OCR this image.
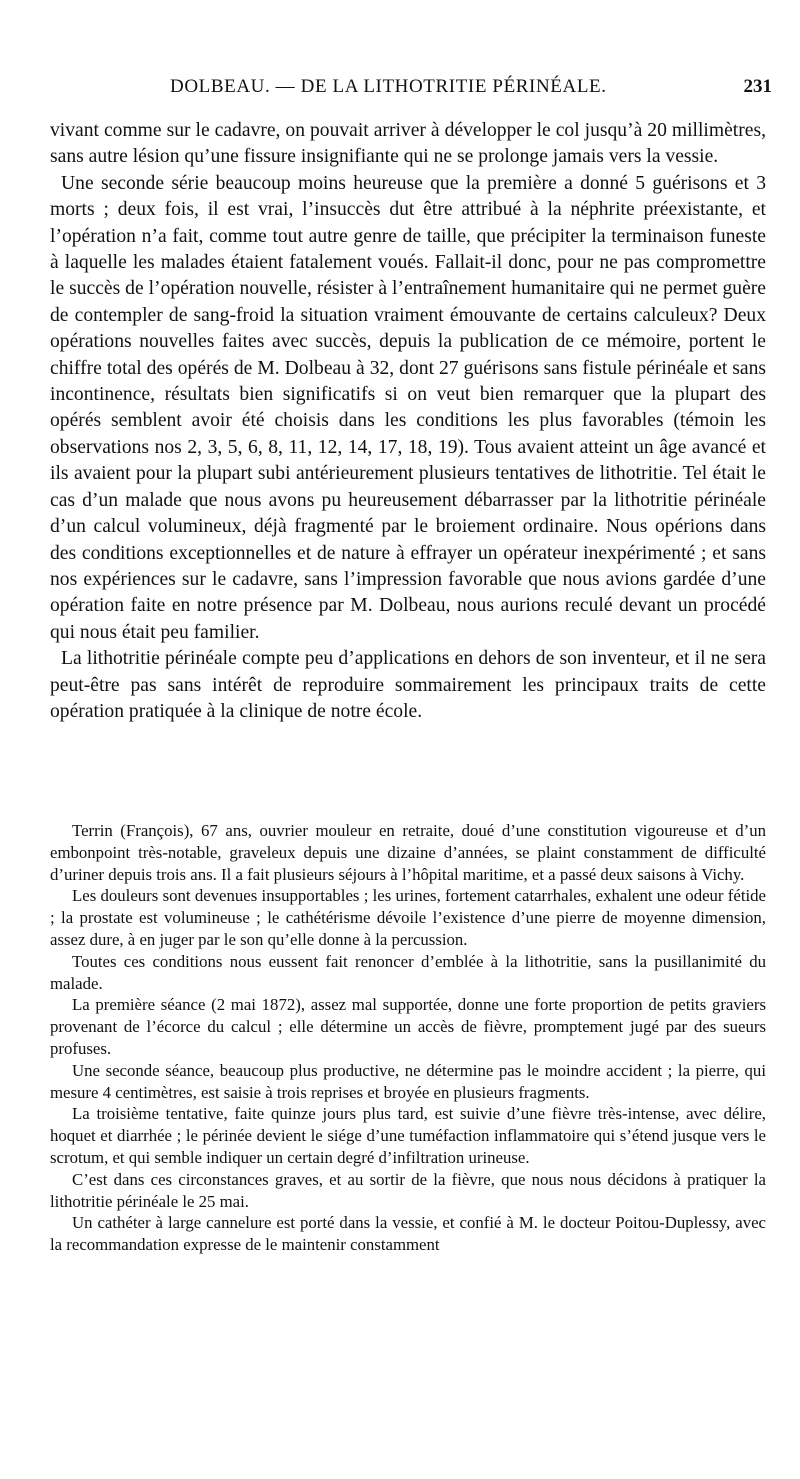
DOLBEAU. — DE LA LITHOTRITIE PÉRINÉALE.	231

vivant comme sur le cadavre, on pouvait arriver à développer le col jusqu’à 20 millimètres, sans autre lésion qu’une fissure insignifiante qui ne se prolonge jamais vers la vessie.

Une seconde série beaucoup moins heureuse que la première a donné 5 guérisons et 3 morts ; deux fois, il est vrai, l’insuccès dut être attribué à la néphrite préexistante, et l’opération n’a fait, comme tout autre genre de taille, que précipiter la terminaison funeste à laquelle les malades étaient fatalement voués. Fallait-il donc, pour ne pas compromettre le succès de l’opération nouvelle, résister à l’entraînement humanitaire qui ne permet guère de contempler de sang-froid la situation vraiment émouvante de certains calculeux? Deux opérations nouvelles faites avec succès, depuis la publication de ce mémoire, portent le chiffre total des opérés de M. Dolbeau à 32, dont 27 guérisons sans fistule périnéale et sans incontinence, résultats bien significatifs si on veut bien remarquer que la plupart des opérés semblent avoir été choisis dans les conditions les plus favorables (témoin les observations nos 2, 3, 5, 6, 8, 11, 12, 14, 17, 18, 19). Tous avaient atteint un âge avancé et ils avaient pour la plupart subi antérieurement plusieurs tentatives de lithotritie. Tel était le cas d’un malade que nous avons pu heureusement débarrasser par la lithotritie périnéale d’un calcul volumineux, déjà fragmenté par le broiement ordinaire. Nous opérions dans des conditions exceptionnelles et de nature à effrayer un opérateur inexpérimenté ; et sans nos expériences sur le cadavre, sans l’impression favorable que nous avions gardée d’une opération faite en notre présence par M. Dolbeau, nous aurions reculé devant un procédé qui nous était peu familier.

La lithotritie périnéale compte peu d’applications en dehors de son inventeur, et il ne sera peut-être pas sans intérêt de reproduire sommairement les principaux traits de cette opération pratiquée à la clinique de notre école.

Terrin (François), 67 ans, ouvrier mouleur en retraite, doué d’une constitution vigoureuse et d’un embonpoint très-notable, graveleux depuis une dizaine d’années, se plaint constamment de difficulté d’uriner depuis trois ans. Il a fait plusieurs séjours à l’hôpital maritime, et a passé deux saisons à Vichy.

Les douleurs sont devenues insupportables ; les urines, fortement catarrhales, exhalent une odeur fétide ; la prostate est volumineuse ; le cathétérisme dévoile l’existence d’une pierre de moyenne dimension, assez dure, à en juger par le son qu’elle donne à la percussion.

Toutes ces conditions nous eussent fait renoncer d’emblée à la lithotritie, sans la pusillanimité du malade.

La première séance (2 mai 1872), assez mal supportée, donne une forte proportion de petits graviers provenant de l’écorce du calcul ; elle détermine un accès de fièvre, promptement jugé par des sueurs profuses.

Une seconde séance, beaucoup plus productive, ne détermine pas le moindre accident ; la pierre, qui mesure 4 centimètres, est saisie à trois reprises et broyée en plusieurs fragments.

La troisième tentative, faite quinze jours plus tard, est suivie d’une fièvre très-intense, avec délire, hoquet et diarrhée ; le périnée devient le siége d’une tuméfaction inflammatoire qui s’étend jusque vers le scrotum, et qui semble indiquer un certain degré d’infiltration urineuse.

C’est dans ces circonstances graves, et au sortir de la fièvre, que nous nous décidons à pratiquer la lithotritie périnéale le 25 mai.

Un cathéter à large cannelure est porté dans la vessie, et confié à M. le docteur Poitou-Duplessy, avec la recommandation expresse de le maintenir constamment
